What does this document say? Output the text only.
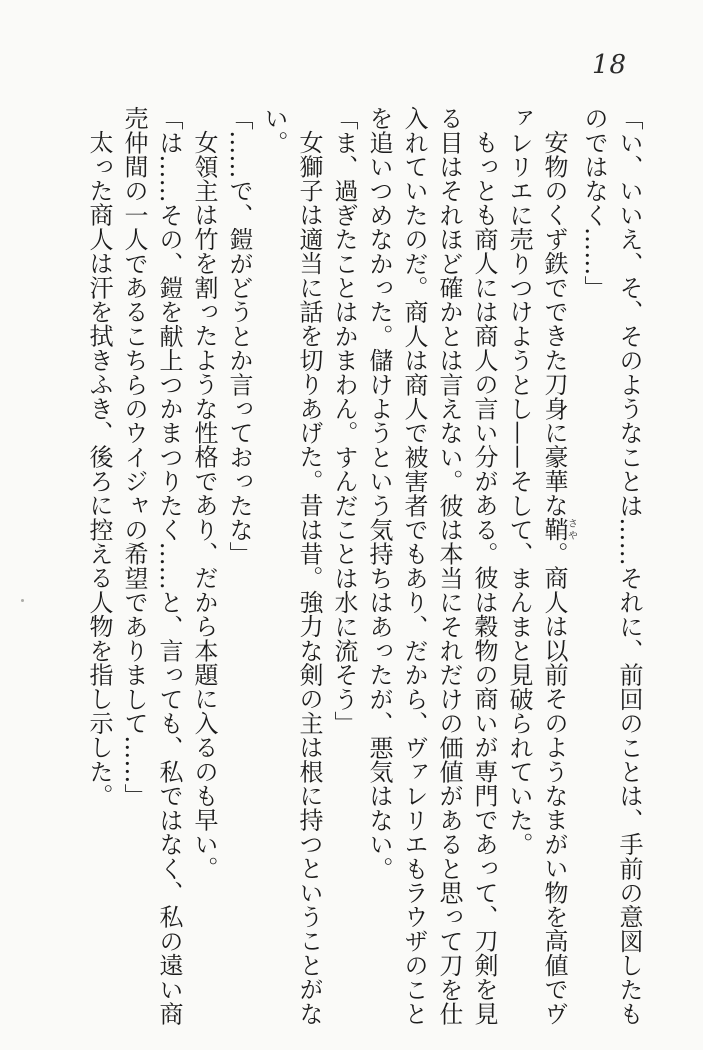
18

「い、いいえ、そ、そのようなことは……それに、前回のことは、手前の意図したも

のではなく……」

安物のくず鉄でできた刀身に豪華な鞘さや。商人は以前そのようなまがい物を高値でヴ

ァレリエに売りつけようとし——そして、まんまと見破られていた。

もっとも商人には商人の言い分がある。彼は穀物の商いが専門であって、刀剣を見

る目はそれほど確かとは言えない。彼は本当にそれだけの価値があると思って刀を仕

入れていたのだ。商人は商人で被害者でもあり、だから、ヴァレリエもラウザのこと

を追いつめなかった。儲けようという気持ちはあったが、悪気はない。

「ま、過ぎたことはかまわん。すんだことは水に流そう」

女獅子は適当に話を切りあげた。昔は昔。強力な剣の主は根に持つということがな

い。

「……で、鎧がどうとか言っておったな」

女領主は竹を割ったような性格であり、だから本題に入るのも早い。

「は……その、鎧を献上つかまつりたく……と、言っても、私ではなく、私の遠い商

売仲間の一人であるこちらのウイジャの希望でありまして……」

太った商人は汗を拭きふき、後ろに控える人物を指し示した。
